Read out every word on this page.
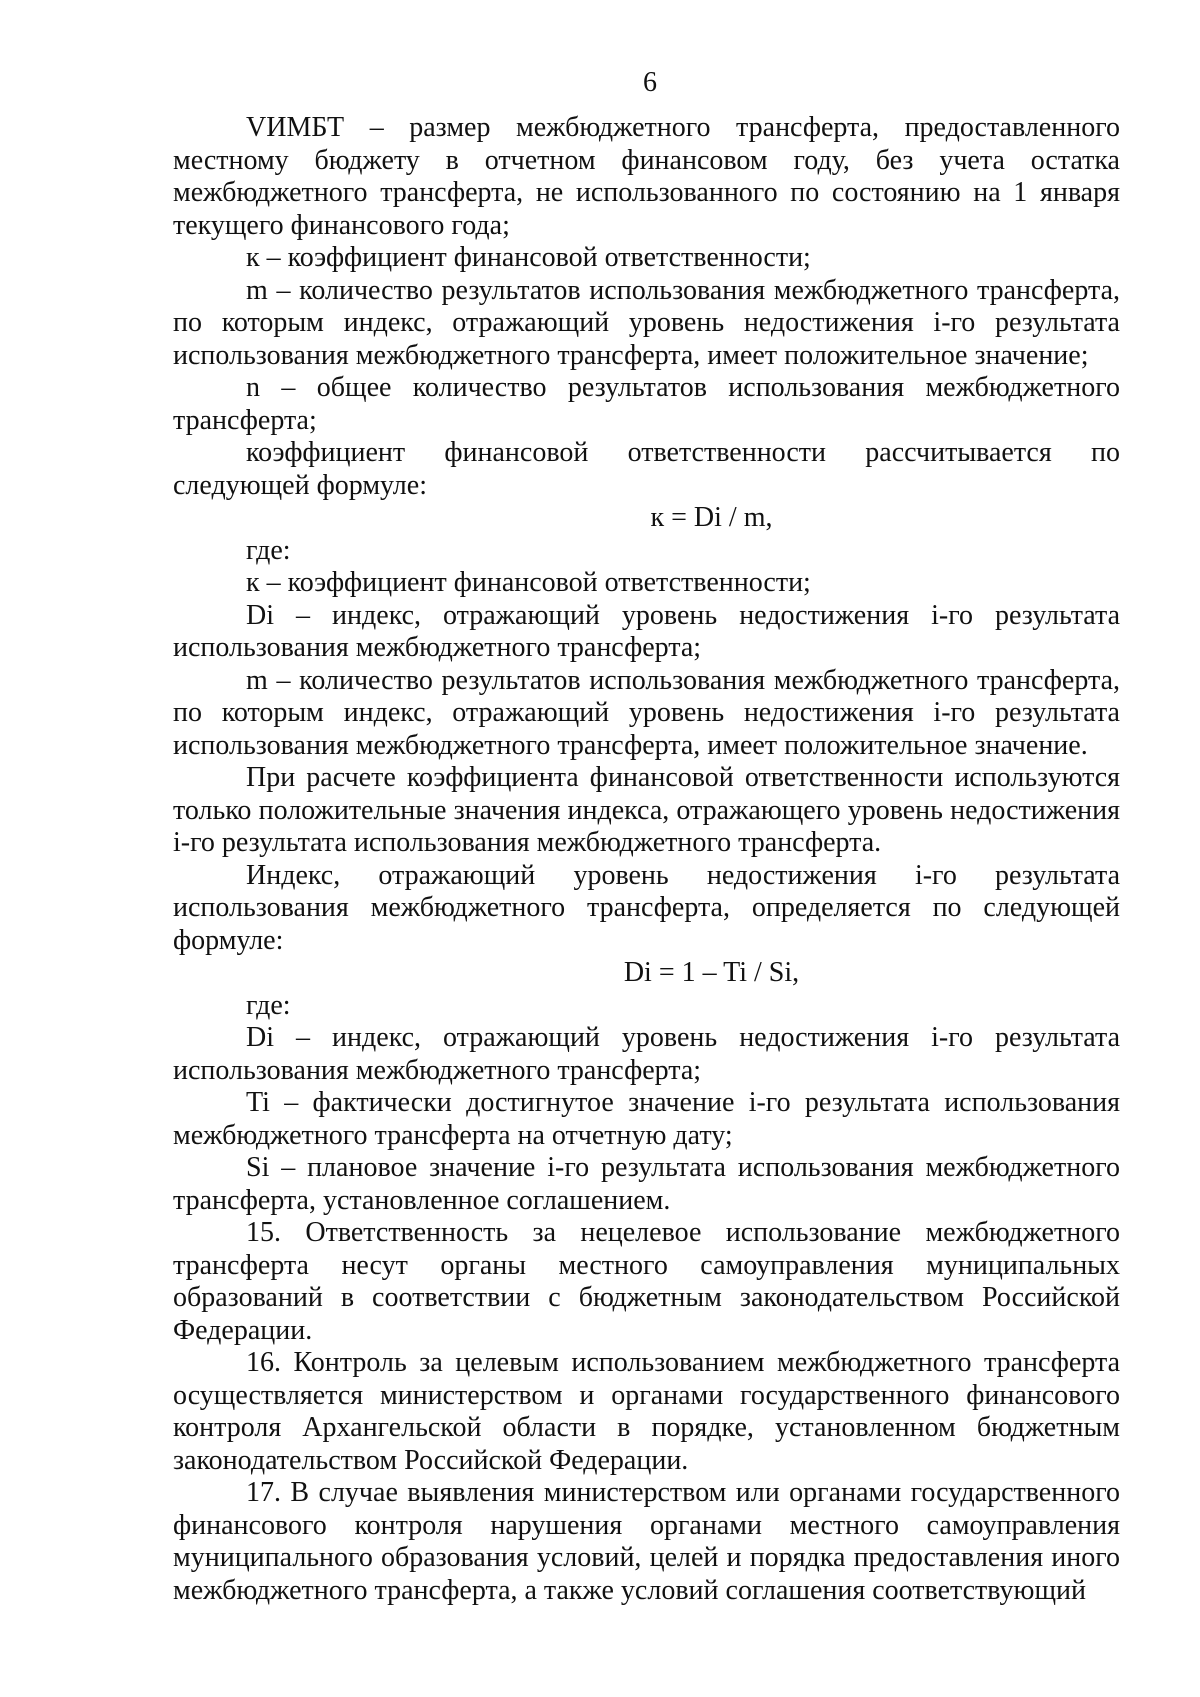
6

VИМБТ – размер межбюджетного трансферта, предоставленного местному бюджету в отчетном финансовом году, без учета остатка межбюджетного трансферта, не использованного по состоянию на 1 января текущего финансового года;

к – коэффициент финансовой ответственности;

m – количество результатов использования межбюджетного трансферта, по которым индекс, отражающий уровень недостижения i-го результата использования межбюджетного трансферта, имеет положительное значение;

n – общее количество результатов использования межбюджетного трансферта;

коэффициент финансовой ответственности рассчитывается по следующей формуле:

к = Di / m,

где:

к – коэффициент финансовой ответственности;

Di – индекс, отражающий уровень недостижения i-го результата использования межбюджетного трансферта;

m – количество результатов использования межбюджетного трансферта, по которым индекс, отражающий уровень недостижения i-го результата использования межбюджетного трансферта, имеет положительное значение.

При расчете коэффициента финансовой ответственности используются только положительные значения индекса, отражающего уровень недостижения i-го результата использования межбюджетного трансферта.

Индекс, отражающий уровень недостижения i-го результата использования межбюджетного трансферта, определяется по следующей формуле:

Di = 1 – Ti / Si,

где:

Di – индекс, отражающий уровень недостижения i-го результата использования межбюджетного трансферта;

Ti – фактически достигнутое значение i-го результата использования межбюджетного трансферта на отчетную дату;

Si – плановое значение i-го результата использования межбюджетного трансферта, установленное соглашением.

15. Ответственность за нецелевое использование межбюджетного трансферта несут органы местного самоуправления муниципальных образований в соответствии с бюджетным законодательством Российской Федерации.

16. Контроль за целевым использованием межбюджетного трансферта осуществляется министерством и органами государственного финансового контроля Архангельской области в порядке, установленном бюджетным законодательством Российской Федерации.

17. В случае выявления министерством или органами государственного финансового контроля нарушения органами местного самоуправления муниципального образования условий, целей и порядка предоставления иного межбюджетного трансферта, а также условий соглашения соответствующий
